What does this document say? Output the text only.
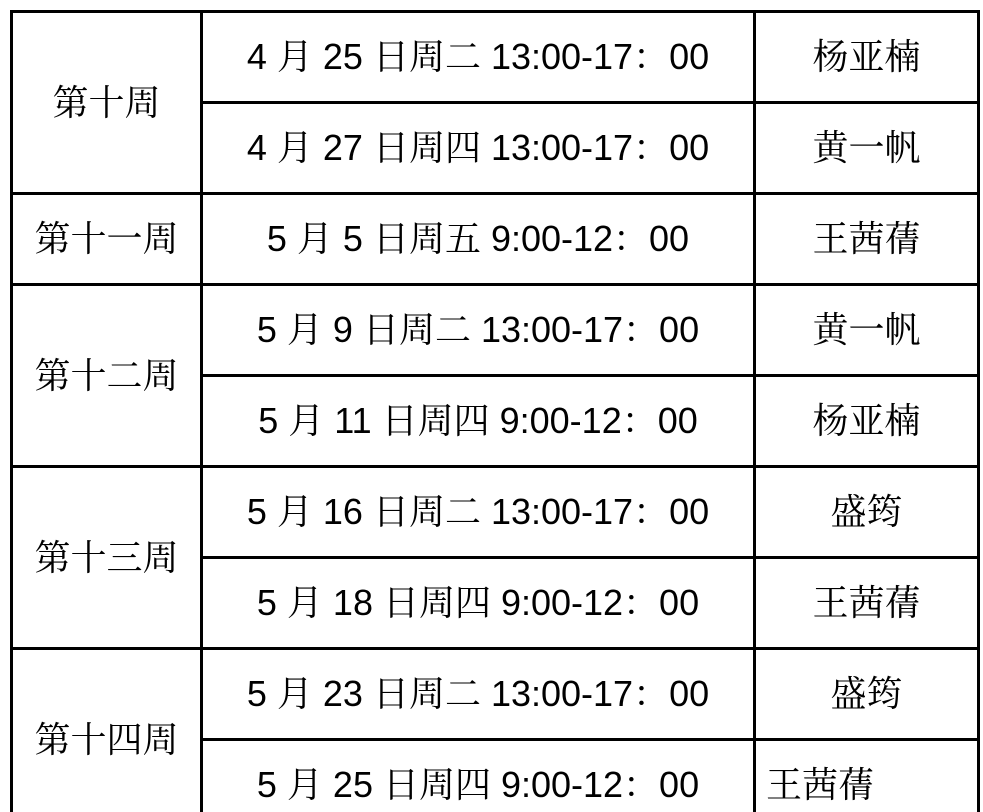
第十周	4 月 25 日周二 13:00-17：00	杨亚楠
	4 月 27 日周四 13:00-17：00	黄一帆
第十一周	5 月 5 日周五 9:00-12：00	王茜蒨
第十二周	5 月 9 日周二 13:00-17：00	黄一帆
	5 月 11 日周四 9:00-12：00	杨亚楠
第十三周	5 月 16 日周二 13:00-17：00	盛筠
	5 月 18 日周四 9:00-12：00	王茜蒨
第十四周	5 月 23 日周二 13:00-17：00	盛筠
	5 月 25 日周四 9:00-12：00	王茜蒨
